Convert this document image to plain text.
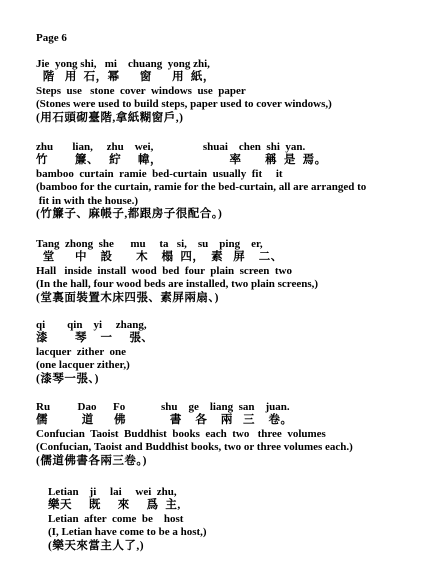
Page 6
Jie  yong shi,   mi    chuang  yong zhi,
階   用  石，幂      窗      用  紙，
Steps  use   stone  cover  windows  use  paper
(Stones were used to build steps, paper used to cover windows,)
(用石頭砌臺階,拿紙糊窗戶,)
zhu       lian,     zhu    wei,                  shuai    chen  shi  yan.
竹        簾、   紵     幃，                    率       稱  是  焉。
bamboo  curtain  ramie  bed-curtain  usually  fit     it
(bamboo for the curtain, ramie for the bed-curtain, all are arranged to
fit in with the house.)
(竹簾子、麻帳子,都跟房子很配合。)
Tang  zhong  she      mu     ta   si,    su    ping    er,
堂      中    設       木    榻  四，  素   屏    二、
Hall   inside  install  wood  bed  four  plain  screen  two
(In the hall, four wood beds are installed, two plain screens,)
(堂裏面裝置木床四張、素屏兩扇、)
qi        qin    yi     zhang,
漆        琴    一     張、
lacquer  zither  one
(one lacquer zither,)
(漆琴一張、)
Ru          Dao      Fo             shu    ge    liang  san    juan.
儒          道      佛             書    各    兩   三    卷。
Confucian  Taoist  Buddhist  books  each  two   three  volumes
(Confucian, Taoist and Buddhist books, two or three volumes each.)
(儒道佛書各兩三卷。)
Letian    ji     lai     wei  zhu,
樂天     既     來     爲  主,
Letian  after  come  be    host
(I, Letian have come to be a host,)
(樂天來當主人了,)
